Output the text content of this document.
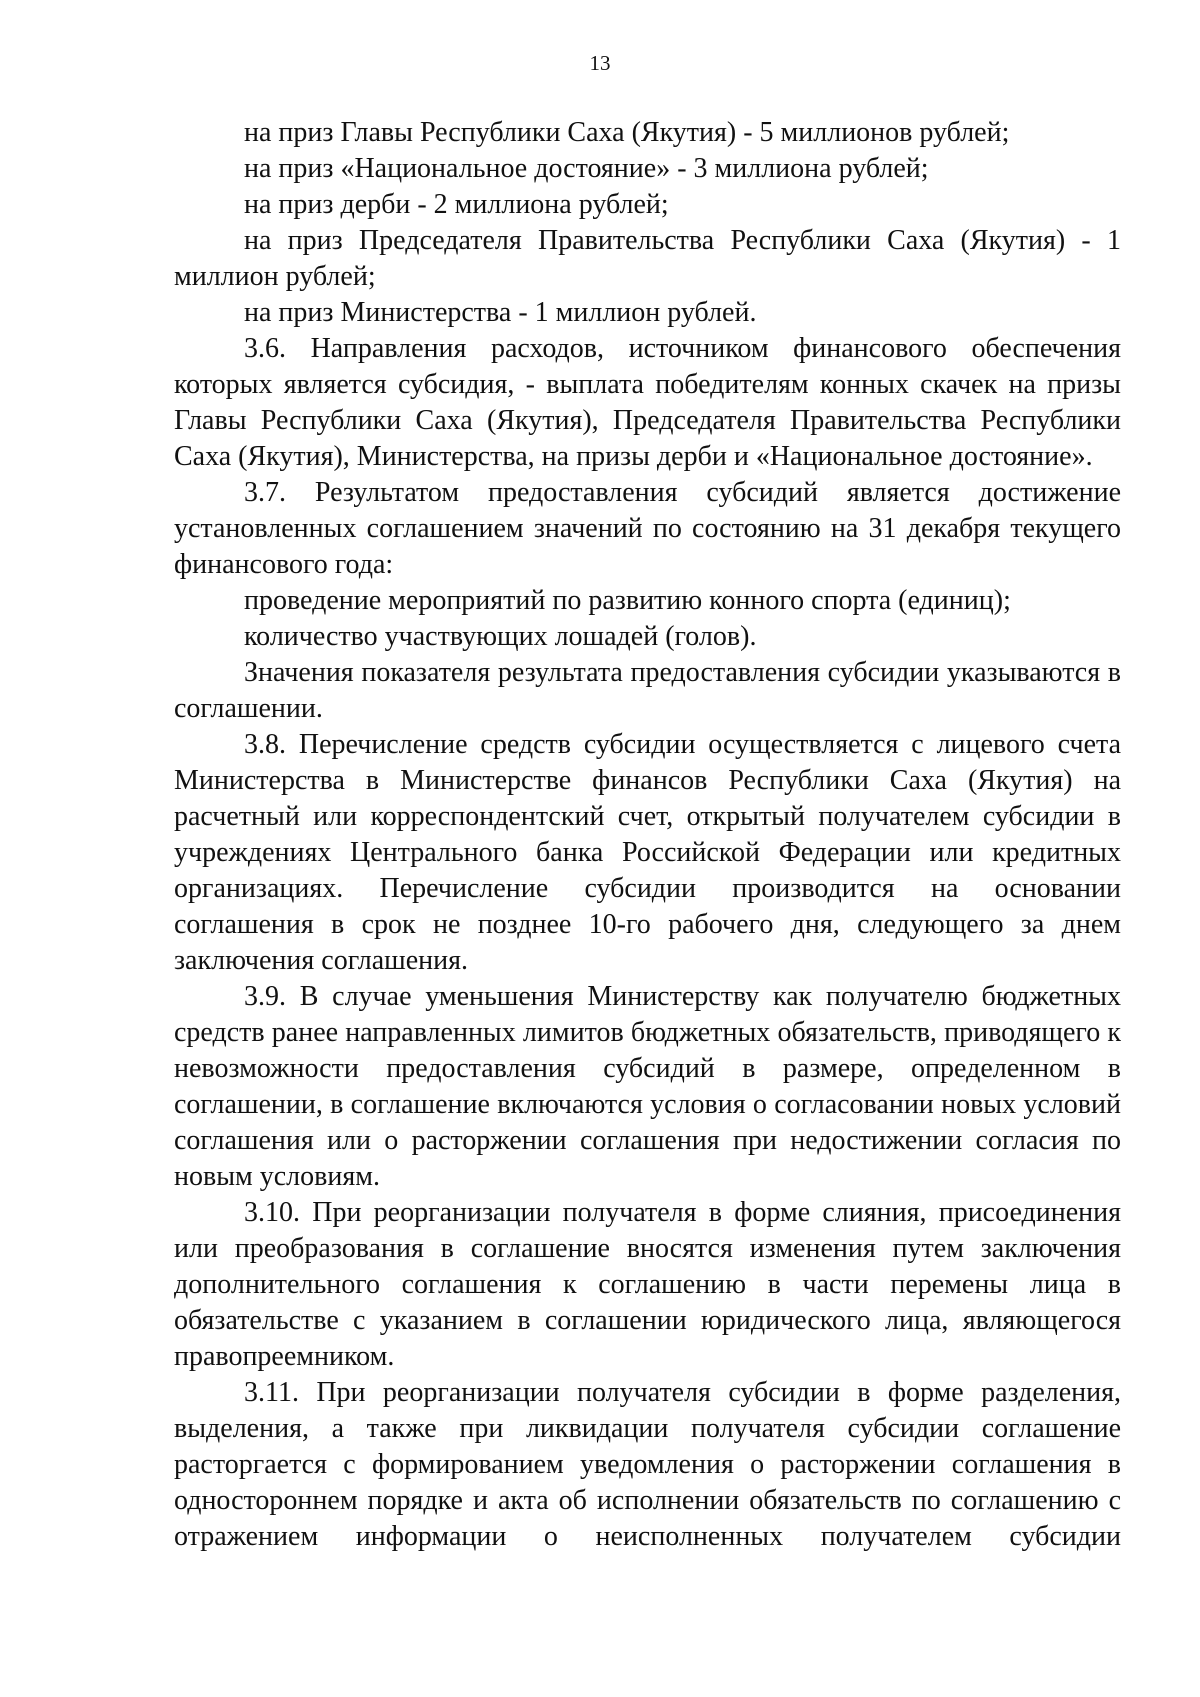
13

на приз Главы Республики Саха (Якутия) - 5 миллионов рублей;

на приз «Национальное достояние» - 3 миллиона рублей;

на приз дерби - 2 миллиона рублей;

на приз Председателя Правительства Республики Саха (Якутия) - 1 миллион рублей;

на приз Министерства - 1 миллион рублей.

3.6. Направления расходов, источником финансового обеспечения которых является субсидия, - выплата победителям конных скачек на призы Главы Республики Саха (Якутия), Председателя Правительства Республики Саха (Якутия), Министерства, на призы дерби и «Национальное достояние».

3.7. Результатом предоставления субсидий является достижение установленных соглашением значений по состоянию на 31 декабря текущего финансового года:

проведение мероприятий по развитию конного спорта (единиц);

количество участвующих лошадей (голов).

Значения показателя результата предоставления субсидии указываются в соглашении.

3.8. Перечисление средств субсидии осуществляется с лицевого счета Министерства в Министерстве финансов Республики Саха (Якутия) на расчетный или корреспондентский счет, открытый получателем субсидии в учреждениях Центрального банка Российской Федерации или кредитных организациях. Перечисление субсидии производится на основании соглашения в срок не позднее 10-го рабочего дня, следующего за днем заключения соглашения.

3.9. В случае уменьшения Министерству как получателю бюджетных средств ранее направленных лимитов бюджетных обязательств, приводящего к невозможности предоставления субсидий в размере, определенном в соглашении, в соглашение включаются условия о согласовании новых условий соглашения или о расторжении соглашения при недостижении согласия по новым условиям.

3.10. При реорганизации получателя в форме слияния, присоединения или преобразования в соглашение вносятся изменения путем заключения дополнительного соглашения к соглашению в части перемены лица в обязательстве с указанием в соглашении юридического лица, являющегося правопреемником.

3.11. При реорганизации получателя субсидии в форме разделения, выделения, а также при ликвидации получателя субсидии соглашение расторгается с формированием уведомления о расторжении соглашения в одностороннем порядке и акта об исполнении обязательств по соглашению с отражением информации о неисполненных получателем субсидии
